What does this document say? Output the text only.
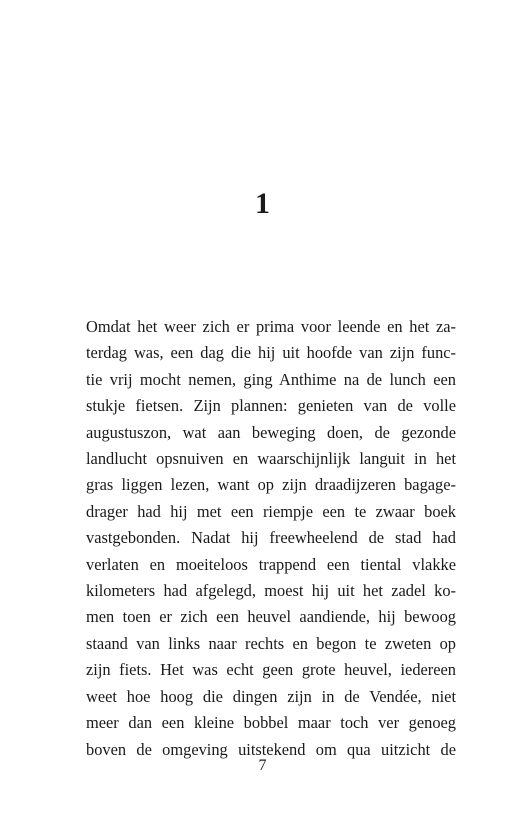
1
Omdat het weer zich er prima voor leende en het za-
terdag was, een dag die hij uit hoofde van zijn func-
tie vrij mocht nemen, ging Anthime na de lunch een
stukje fietsen. Zijn plannen: genieten van de volle
augustuszon, wat aan beweging doen, de gezonde
landlucht opsnuiven en waarschijnlijk languit in het
gras liggen lezen, want op zijn draadijzeren bagage-
drager had hij met een riempje een te zwaar boek
vastgebonden. Nadat hij freewheelend de stad had
verlaten en moeiteloos trappend een tiental vlakke
kilometers had afgelegd, moest hij uit het zadel ko-
men toen er zich een heuvel aandiende, hij bewoog
staand van links naar rechts en begon te zweten op
zijn fiets. Het was echt geen grote heuvel, iedereen
weet hoe hoog die dingen zijn in de Vendée, niet
meer dan een kleine bobbel maar toch ver genoeg
boven de omgeving uitstekend om qua uitzicht de
7
